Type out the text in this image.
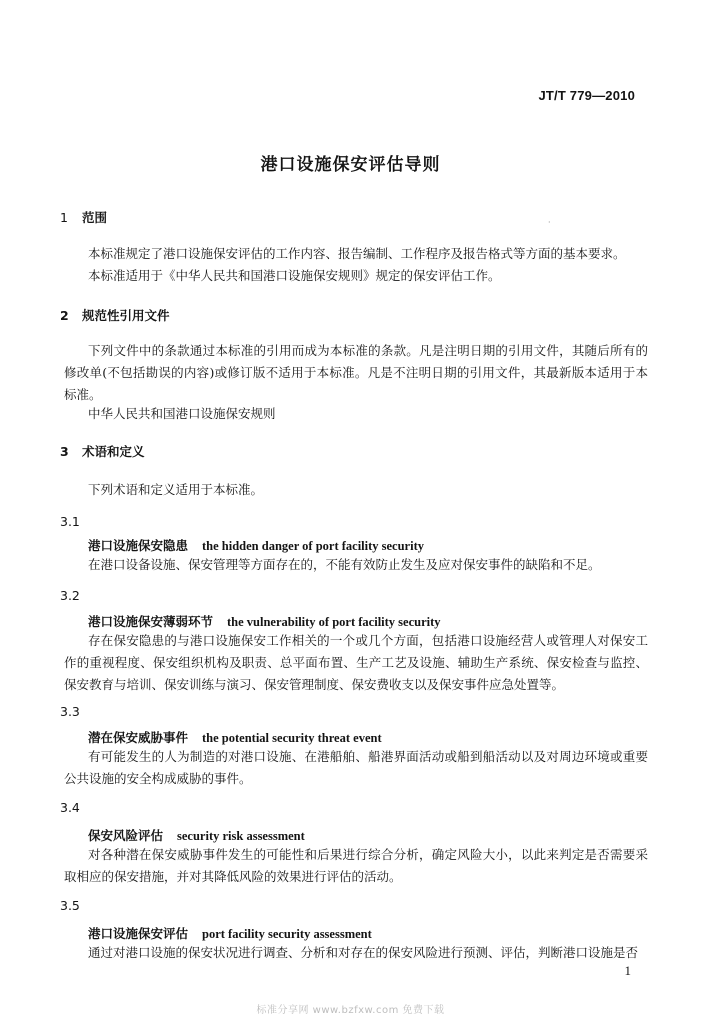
JT/T 779—2010
港口设施保安评估导则
·
1 范围
本标准规定了港口设施保安评估的工作内容、报告编制、工作程序及报告格式等方面的基本要求。
本标准适用于《中华人民共和国港口设施保安规则》规定的保安评估工作。
2 规范性引用文件

下列文件中的条款通过本标准的引用而成为本标准的条款。凡是注明日期的引用文件，其随后所有的修改单(不包括勘误的内容)或修订版不适用于本标准。凡是不注明日期的引用文件，其最新版本适用于本标准。

中华人民共和国港口设施保安规则
3 术语和定义
下列术语和定义适用于本标准。
3.1
港口设施保安隐患 the hidden danger of port facility security

在港口设备设施、保安管理等方面存在的，不能有效防止发生及应对保安事件的缺陷和不足。

3.2
港口设施保安薄弱环节 the vulnerability of port facility security

存在保安隐患的与港口设施保安工作相关的一个或几个方面，包括港口设施经营人或管理人对保安工作的重视程度、保安组织机构及职责、总平面布置、生产工艺及设施、辅助生产系统、保安检查与监控、保安教育与培训、保安训练与演习、保安管理制度、保安费收支以及保安事件应急处置等。

3.3
潜在保安威胁事件 the potential security threat event

有可能发生的人为制造的对港口设施、在港船舶、船港界面活动或船到船活动以及对周边环境或重要公共设施的安全构成威胁的事件。

3.4
保安风险评估 security risk assessment

对各种潜在保安威胁事件发生的可能性和后果进行综合分析，确定风险大小，以此来判定是否需要采取相应的保安措施，并对其降低风险的效果进行评估的活动。

3.5
港口设施保安评估 port facility security assessment

通过对港口设施的保安状况进行调查、分析和对存在的保安风险进行预测、评估，判断港口设施是否

1
标准分享网 www.bzfxw.com 免费下载
